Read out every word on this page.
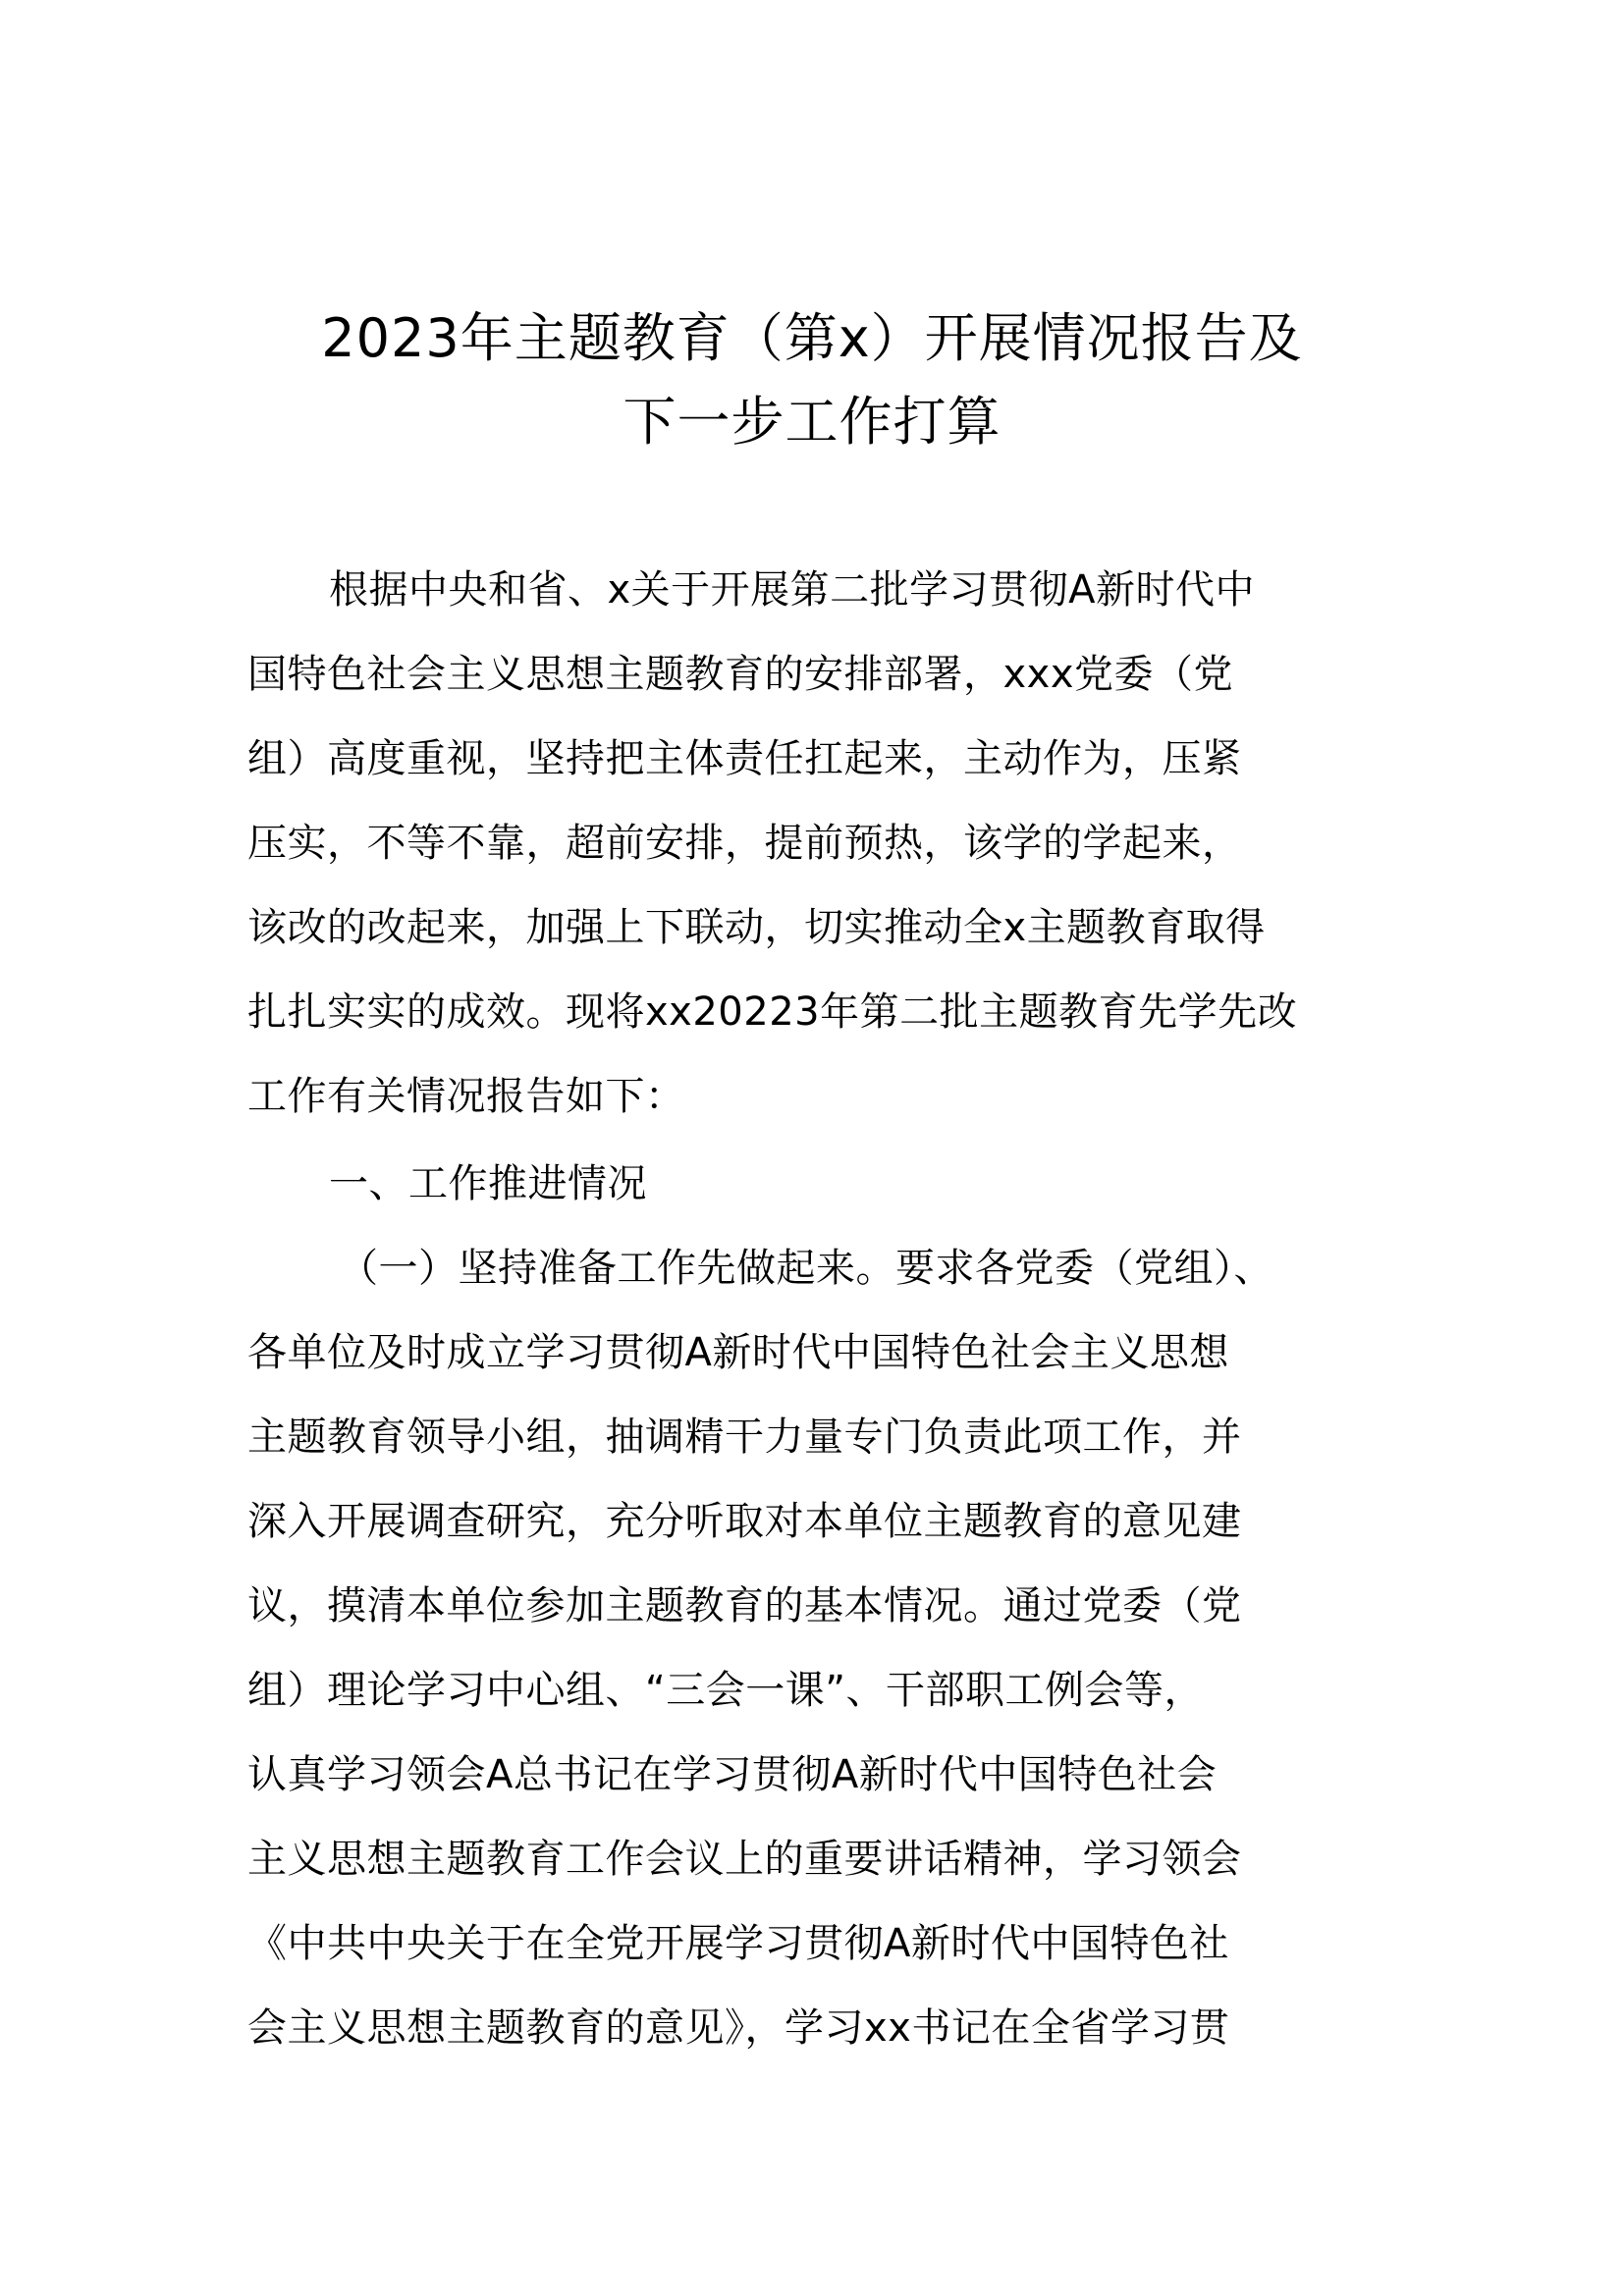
2023年主题教育（第x）开展情况报告及
下一步工作打算
根据中央和省、x关于开展第二批学习贯彻A新时代中
国特色社会主义思想主题教育的安排部署，xxx党委（党
组）高度重视，坚持把主体责任扛起来，主动作为，压紧
压实，不等不靠，超前安排，提前预热，该学的学起来，
该改的改起来，加强上下联动，切实推动全x主题教育取得
扎扎实实的成效。现将xx20223年第二批主题教育先学先改
工作有关情况报告如下：
一、工作推进情况
（一）坚持准备工作先做起来。要求各党委（党组）、
各单位及时成立学习贯彻A新时代中国特色社会主义思想
主题教育领导小组，抽调精干力量专门负责此项工作，并
深入开展调查研究，充分听取对本单位主题教育的意见建
议，摸清本单位参加主题教育的基本情况。通过党委（党
组）理论学习中心组、“三会一课”、干部职工例会等，
认真学习领会A总书记在学习贯彻A新时代中国特色社会
主义思想主题教育工作会议上的重要讲话精神，学习领会
《中共中央关于在全党开展学习贯彻A新时代中国特色社
会主义思想主题教育的意见》，学习xx书记在全省学习贯
